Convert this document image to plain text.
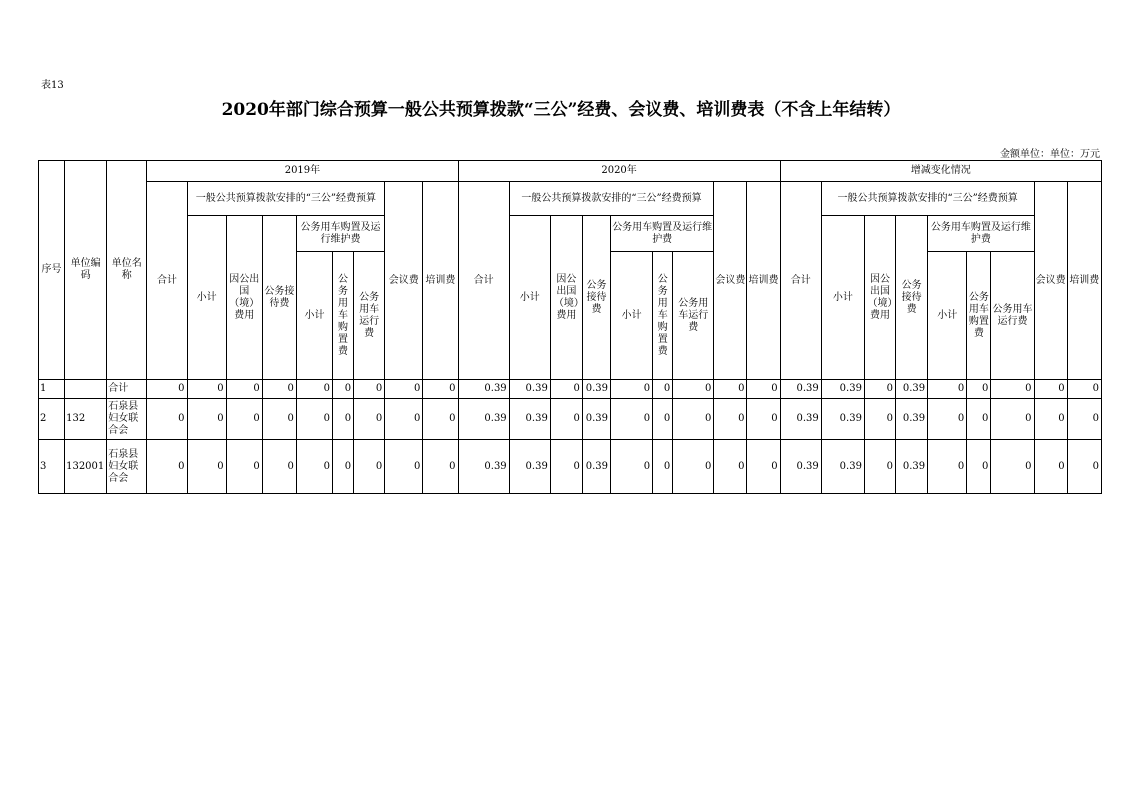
表13
2020年部门综合预算一般公共预算拨款“三公”经费、会议费、培训费表（不含上年结转）
金额单位：单位：万元
序号	单位编码	单位名称	2019年									2020年									增减变化情况								
			合计	一般公共预算拨款安排的“三公”经费预算						会议费	培训费	合计	一般公共预算拨款安排的“三公”经费预算						会议费	培训费	合计	一般公共预算拨款安排的“三公”经费预算						会议费	培训费
				小计	因公出国（境）费用	公务接待费	公务用车购置及运行维护费						小计	因公出国（境）费用	公务接待费	公务用车购置及运行维护费						小计	因公出国（境）费用	公务接待费	公务用车购置及运行维护费				
							小计	公务用车购置费	公务用车运行费							小计	公务用车购置费	公务用车运行费							小计	公务用车购置费	公务用车运行费		

1		合计	0	0	0	0	0	0	0	0	0	0.39	0.39	0	0.39	0	0	0	0	0	0.39	0.39	0	0.39	0	0	0	0	0
2	132	石泉县妇女联合会	0	0	0	0	0	0	0	0	0	0.39	0.39	0	0.39	0	0	0	0	0	0.39	0.39	0	0.39	0	0	0	0	0
3	132001	石泉县妇女联合会	0	0	0	0	0	0	0	0	0	0.39	0.39	0	0.39	0	0	0	0	0	0.39	0.39	0	0.39	0	0	0	0	0
